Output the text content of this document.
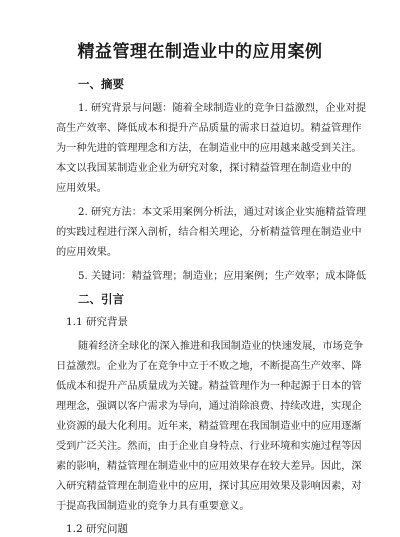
精益管理在制造业中的应用案例
一、摘要
1. 研究背景与问题：随着全球制造业的竞争日益激烈，企业对提
高生产效率、降低成本和提升产品质量的需求日益迫切。精益管理作
为一种先进的管理理念和方法，在制造业中的应用越来越受到关注。
本文以我国某制造业企业为研究对象，探讨精益管理在制造业中的
应用效果。
2. 研究方法：本文采用案例分析法，通过对该企业实施精益管理
的实践过程进行深入剖析，结合相关理论，分析精益管理在制造业中
的应用效果。
5. 关键词：精益管理；制造业；应用案例；生产效率；成本降低
二、引言
1.1 研究背景
随着经济全球化的深入推进和我国制造业的快速发展，市场竞争
日益激烈。企业为了在竞争中立于不败之地，不断提高生产效率、降
低成本和提升产品质量成为关键。精益管理作为一种起源于日本的管
理理念，强调以客户需求为导向，通过消除浪费、持续改进，实现企
业资源的最大化利用。近年来，精益管理在我国制造业中的应用逐渐
受到广泛关注。然而，由于企业自身特点、行业环境和实施过程等因
素的影响，精益管理在制造业中的应用效果存在较大差异。因此，深
入研究精益管理在制造业中的应用，探讨其应用效果及影响因素，对
于提高我国制造业的竞争力具有重要意义。
1.2 研究问题
